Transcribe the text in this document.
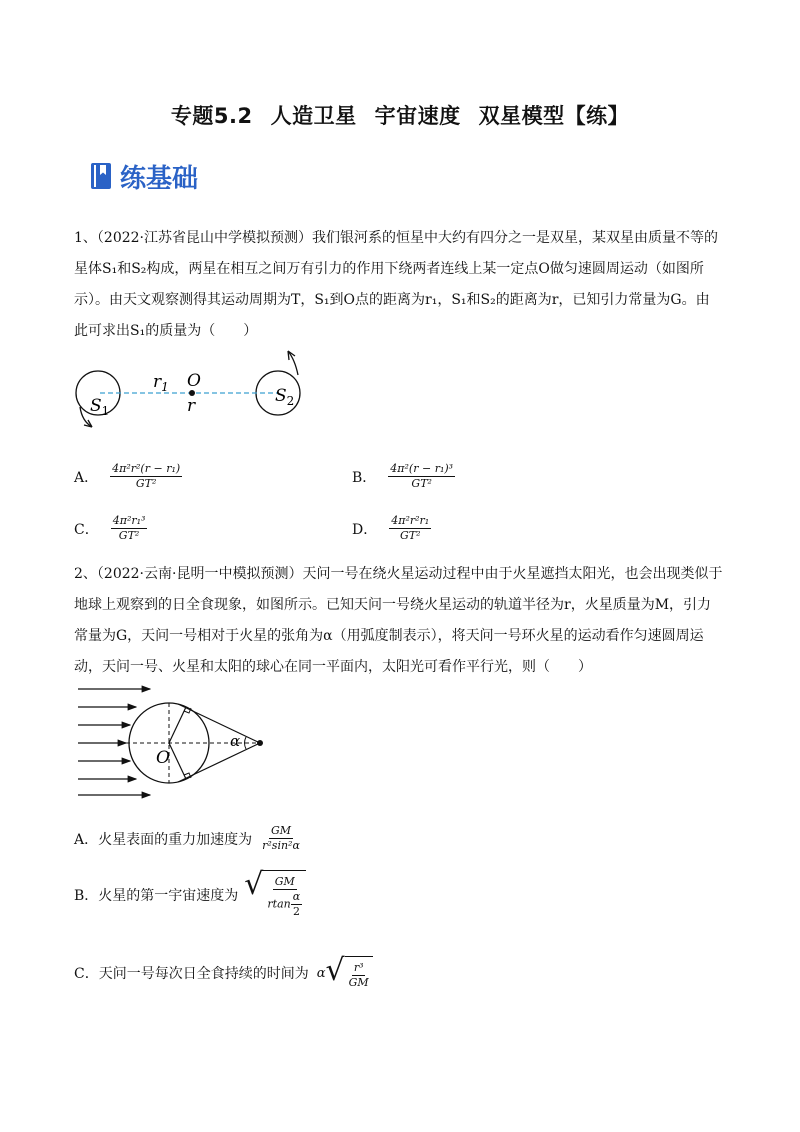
专题5.2 人造卫星 宇宙速度 双星模型【练】
练基础
1、（2022·江苏省昆山中学模拟预测）我们银河系的恒星中大约有四分之一是双星，某双星由质量不等的
星体S₁和S₂构成，两星在相互之间万有引力的作用下绕两者连线上某一定点O做匀速圆周运动（如图所
示）。由天文观察测得其运动周期为T，S₁到O点的距离为r₁，S₁和S₂的距离为r，已知引力常量为G。由
此可求出S₁的质量为（　　）
$r_1$ O
r
$S_1$
$S_2$
A． $\frac{\text{4π²r²(r − r₁)}}{\text{GT²}}$	B． $\frac{\text{4π²(r − r₁)³}}{\text{GT²}}$
C． $\frac{\text{4π²r₁³}}{\text{GT²}}$	D． $\frac{\text{4π²r²r₁}}{\text{GT²}}$
2、（2022·云南·昆明一中模拟预测）天问一号在绕火星运动过程中由于火星遮挡太阳光，也会出现类似于
地球上观察到的日全食现象，如图所示。已知天问一号绕火星运动的轨道半径为r，火星质量为M，引力
常量为G，天问一号相对于火星的张角为α（用弧度制表示），将天问一号环火星的运动看作匀速圆周运
动，天问一号、火星和太阳的球心在同一平面内，太阳光可看作平行光，则（　　）
O
α
A． 火星表面的重力加速度为 $\frac{GM}{\text{r²sin²α}}$
B． 火星的第一宇宙速度为 √ $\frac{GM}{rtan \frac{\alpha}{2}}$
C． 天问一号每次日全食持续的时间为 α √ $\frac{\text{r³}}{GM}$
